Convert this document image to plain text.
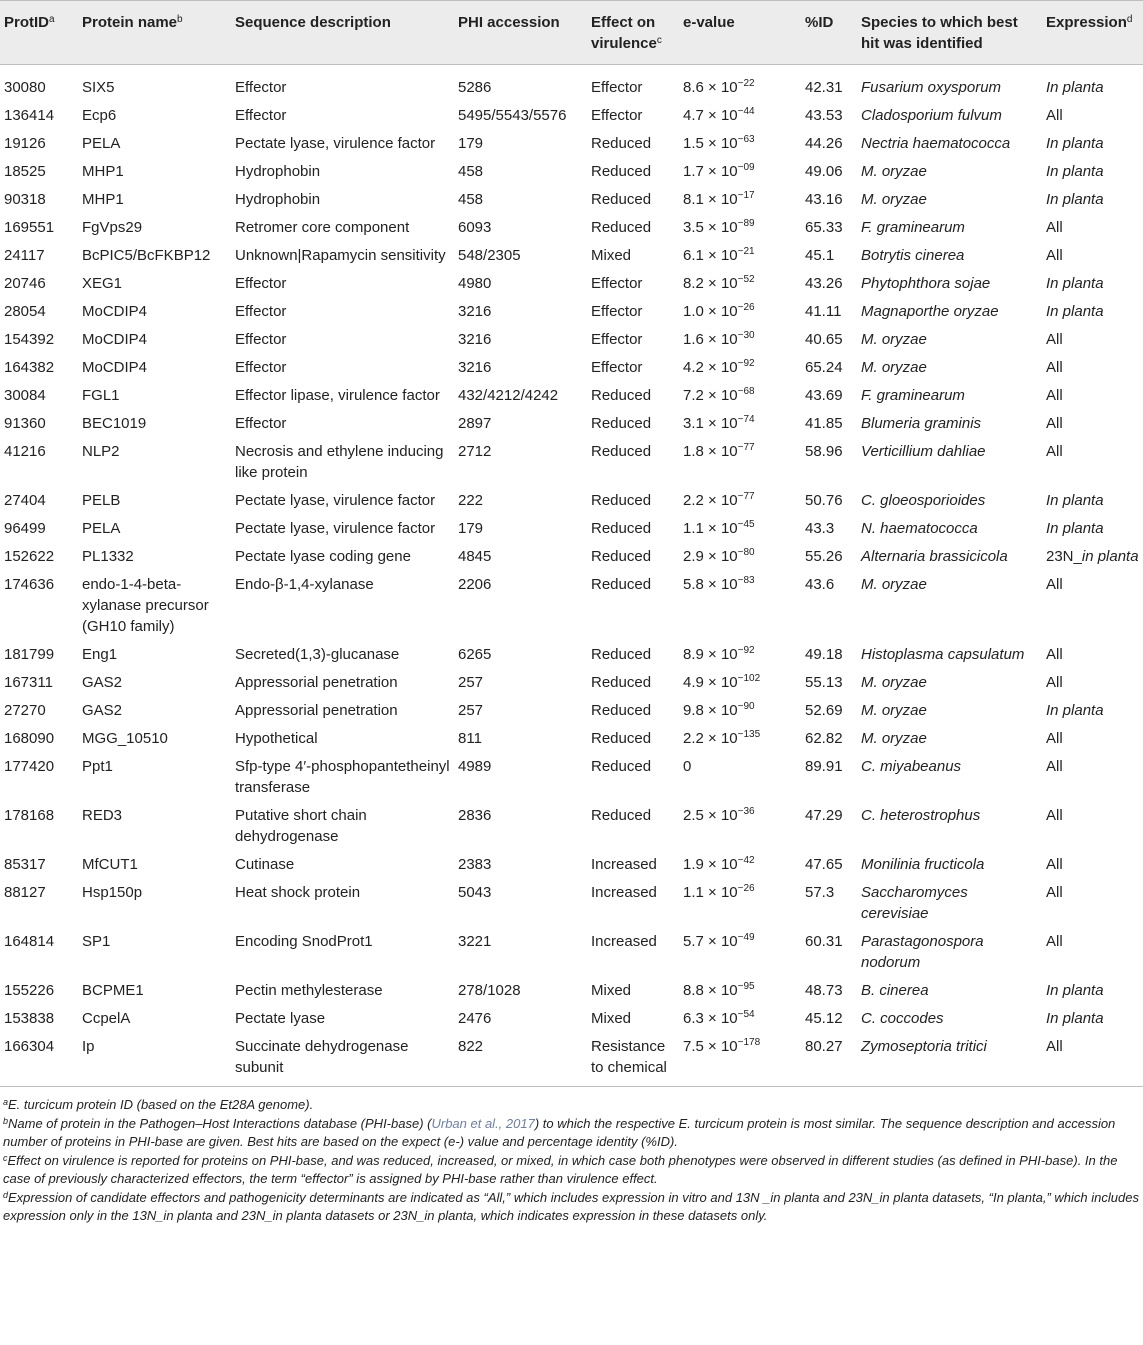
ProtID$^a$	Protein name$^b$	Sequence description	PHI accession	Effect on virulence$^c$	e-value	%ID	Species to which best hit was identified	Expression$^d$
30080	SIX5	Effector	5286	Effector	$8.6 \times 10^{-22}$	42.31	Fusarium oxysporum	In planta
136414	Ecp6	Effector	5495/5543/5576	Effector	$4.7 \times 10^{-44}$	43.53	Cladosporium fulvum	All
19126	PELA	Pectate lyase, virulence factor	179	Reduced	$1.5 \times 10^{-63}$	44.26	Nectria haematococca	In planta
18525	MHP1	Hydrophobin	458	Reduced	$1.7 \times 10^{-09}$	49.06	M. oryzae	In planta
90318	MHP1	Hydrophobin	458	Reduced	$8.1 \times 10^{-17}$	43.16	M. oryzae	In planta
169551	FgVps29	Retromer core component	6093	Reduced	$3.5 \times 10^{-89}$	65.33	F. graminearum	All
24117	BcPIC5/BcFKBP12	Unknown|Rapamycin sensitivity	548/2305	Mixed	$6.1 \times 10^{-21}$	45.1	Botrytis cinerea	All
20746	XEG1	Effector	4980	Effector	$8.2 \times 10^{-52}$	43.26	Phytophthora sojae	In planta
28054	MoCDIP4	Effector	3216	Effector	$1.0 \times 10^{-26}$	41.11	Magnaporthe oryzae	In planta
154392	MoCDIP4	Effector	3216	Effector	$1.6 \times 10^{-30}$	40.65	M. oryzae	All
164382	MoCDIP4	Effector	3216	Effector	$4.2 \times 10^{-92}$	65.24	M. oryzae	All
30084	FGL1	Effector lipase, virulence factor	432/4212/4242	Reduced	$7.2 \times 10^{-68}$	43.69	F. graminearum	All
91360	BEC1019	Effector	2897	Reduced	$3.1 \times 10^{-74}$	41.85	Blumeria graminis	All
41216	NLP2	Necrosis and ethylene inducing like protein	2712	Reduced	$1.8 \times 10^{-77}$	58.96	Verticillium dahliae	All
27404	PELB	Pectate lyase, virulence factor	222	Reduced	$2.2 \times 10^{-77}$	50.76	C. gloeosporioides	In planta
96499	PELA	Pectate lyase, virulence factor	179	Reduced	$1.1 \times 10^{-45}$	43.3	N. haematococca	In planta
152622	PL1332	Pectate lyase coding gene	4845	Reduced	$2.9 \times 10^{-80}$	55.26	Alternaria brassicicola	23N_in planta
174636	endo-1-4-beta-xylanase precursor (GH10 family)	Endo-β-1,4-xylanase	2206	Reduced	$5.8 \times 10^{-83}$	43.6	M. oryzae	All
181799	Eng1	Secreted(1,3)-glucanase	6265	Reduced	$8.9 \times 10^{-92}$	49.18	Histoplasma capsulatum	All
167311	GAS2	Appressorial penetration	257	Reduced	$4.9 \times 10^{-102}$	55.13	M. oryzae	All
27270	GAS2	Appressorial penetration	257	Reduced	$9.8 \times 10^{-90}$	52.69	M. oryzae	In planta
168090	MGG_10510	Hypothetical	811	Reduced	$2.2 \times 10^{-135}$	62.82	M. oryzae	All
177420	Ppt1	Sfp-type 4′-phosphopantetheinyl transferase	4989	Reduced	0	89.91	C. miyabeanus	All
178168	RED3	Putative short chain dehydrogenase	2836	Reduced	$2.5 \times 10^{-36}$	47.29	C. heterostrophus	All
85317	MfCUT1	Cutinase	2383	Increased	$1.9 \times 10^{-42}$	47.65	Monilinia fructicola	All
88127	Hsp150p	Heat shock protein	5043	Increased	$1.1 \times 10^{-26}$	57.3	Saccharomyces cerevisiae	All
164814	SP1	Encoding SnodProt1	3221	Increased	$5.7 \times 10^{-49}$	60.31	Parastagonospora nodorum	All
155226	BCPME1	Pectin methylesterase	278/1028	Mixed	$8.8 \times 10^{-95}$	48.73	B. cinerea	In planta
153838	CcpelA	Pectate lyase	2476	Mixed	$6.3 \times 10^{-54}$	45.12	C. coccodes	In planta
166304	Ip	Succinate dehydrogenase subunit	822	Resistance to chemical	$7.5 \times 10^{-178}$	80.27	Zymoseptoria tritici	All
$^a$E. turcicum protein ID (based on the Et28A genome).
$^b$Name of protein in the Pathogen–Host Interactions database (PHI-base) (Urban et al., 2017) to which the respective E. turcicum protein is most similar. The sequence description and accession number of proteins in PHI-base are given. Best hits are based on the expect (e-) value and percentage identity (%ID).
$^c$Effect on virulence is reported for proteins on PHI-base, and was reduced, increased, or mixed, in which case both phenotypes were observed in different studies (as defined in PHI-base). In the case of previously characterized effectors, the term “effector” is assigned by PHI-base rather than virulence effect.
$^d$Expression of candidate effectors and pathogenicity determinants are indicated as “All,” which includes expression in vitro and 13N _in planta and 23N_in planta datasets, “In planta,” which includes expression only in the 13N_in planta and 23N_in planta datasets or 23N_in planta, which indicates expression in these datasets only.
